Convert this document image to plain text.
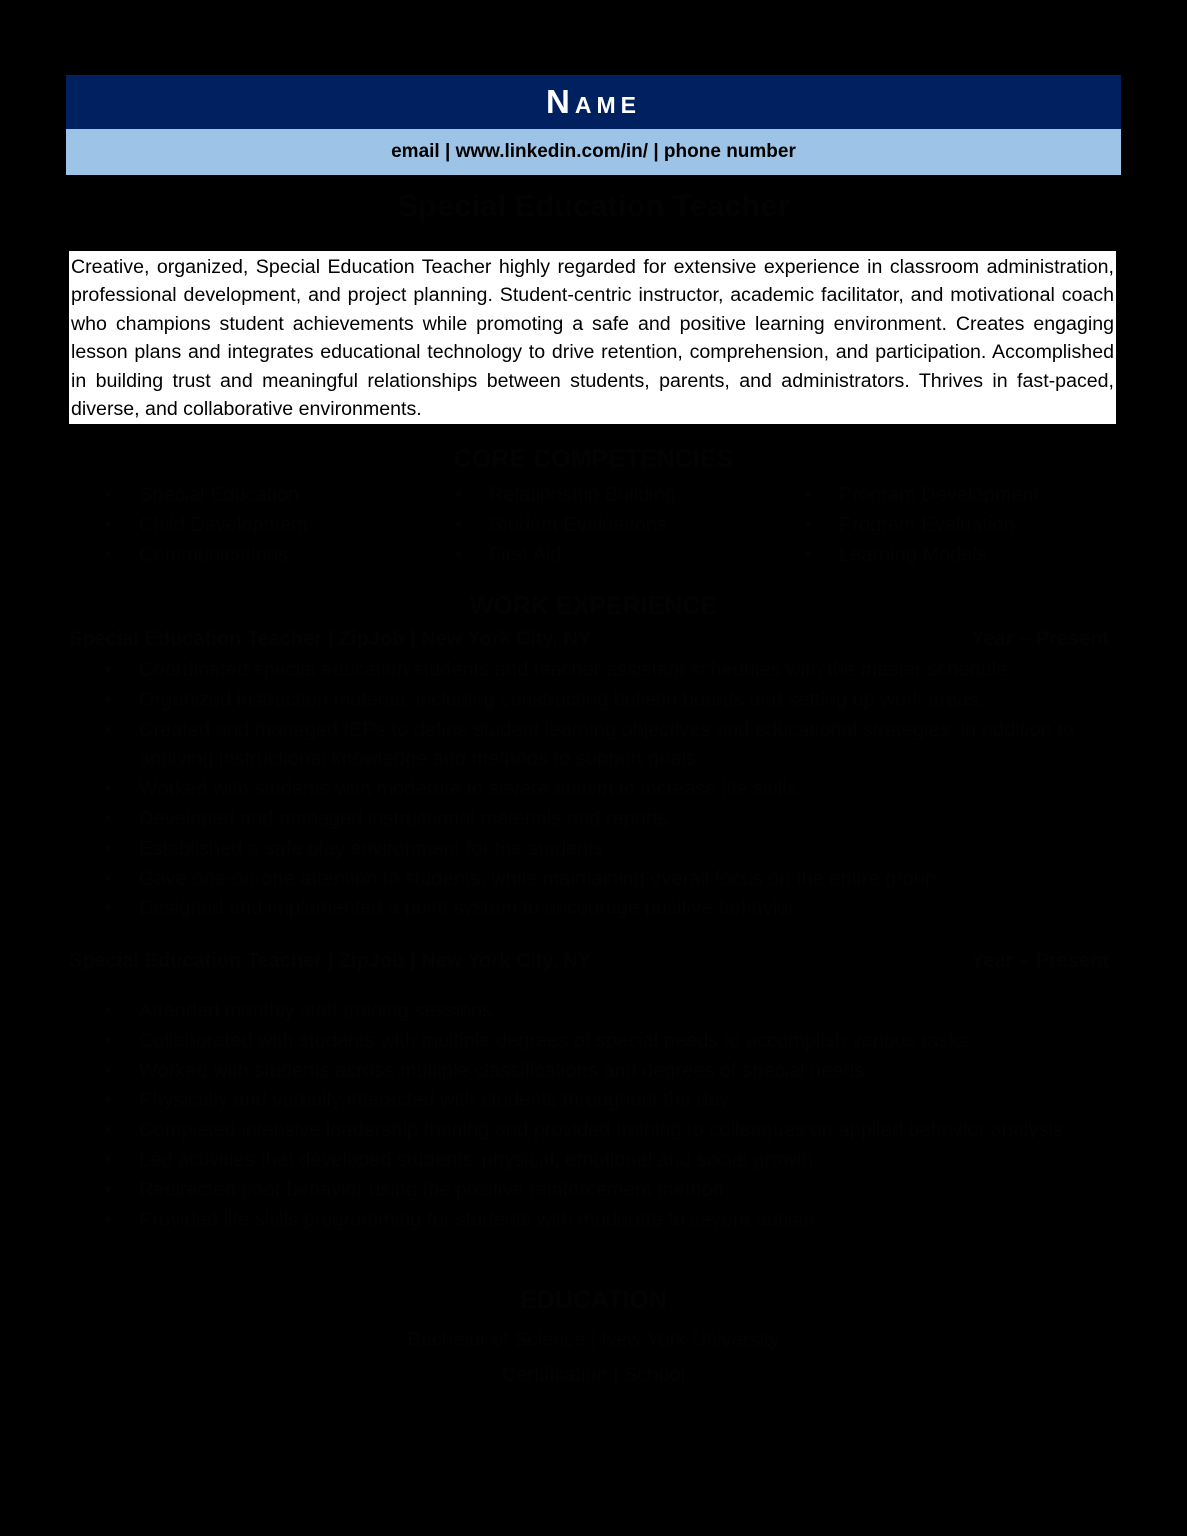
Name
email | www.linkedin.com/in/ | phone number
Special Education Teacher
Creative, organized, Special Education Teacher highly regarded for extensive experience in classroom administration, professional development, and project planning. Student-centric instructor, academic facilitator, and motivational coach who champions student achievements while promoting a safe and positive learning environment. Creates engaging lesson plans and integrates educational technology to drive retention, comprehension, and participation. Accomplished in building trust and meaningful relationships between students, parents, and administrators. Thrives in fast-paced, diverse, and collaborative environments.
CORE COMPETENCIES
•	Special Education	•	Relationship Building	•	Program Development
•	Child Development	•	Student Evaluations	•	Program Evaluation
•	Communications	•	First Aid	•	Learning Models
WORK EXPERIENCE
Special Education Teacher | ZipJob | New York City, NY	Year – Present
•	Coordinated special education students and teacher assistant schedules with the master schedule.
•	Organized instruction material, including constructing bulletin boards and setting up work areas.
•	Created and managed IEPs to define student learning objectives and educational strategies, in addition to applying instructional knowledge and methods to support goals.
•	Worked with students with moderate to severe autism to increase life skills.
•	Developed and managed instructional materials and reports.
•	Established a safe play environment for the students.
•	Gave one-on-one attention to students, while maintaining overall focus on the entire group.
•	Designed and implemented a point system to encourage positive behavior.
Special Education Teacher | ZipJob | New York City, NY	Year – Present
•	Attended monthly staff training sessions.
•	Collaborated with students with multiple degrees of special needs to accomplish various tasks.
•	Worked with students across multiple classifications and degrees of special needs.
•	Physically and verbally interacted with students throughout the day.
•	Completed intensive leadership training and provided training to colleagues on applied behavior analysis.
•	Led activities that developed students' physical, emotional and social growth.
•	Redirected poor behavior using the positive reinforcement method.
•	Provided life skills programming for students with moderate to severe autism.
EDUCATION
Bachelor of Science | New York University
Certification | School
